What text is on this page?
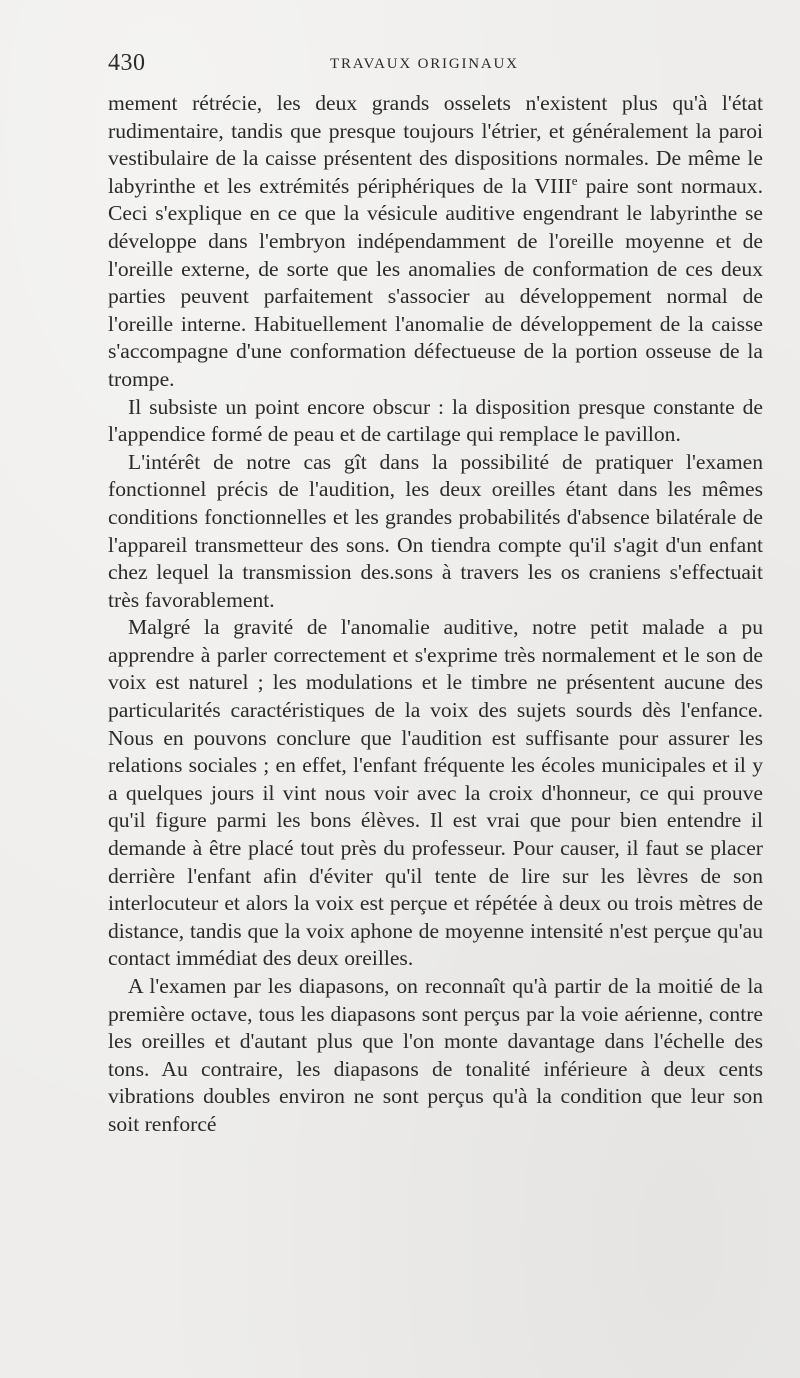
430	TRAVAUX ORIGINAUX

mement rétrécie, les deux grands osselets n'existent plus qu'à l'état rudimentaire, tandis que presque toujours l'étrier, et généralement la paroi vestibulaire de la caisse présentent des dispositions normales. De même le labyrinthe et les extrémités périphériques de la VIIIe paire sont normaux. Ceci s'explique en ce que la vésicule auditive engendrant le labyrinthe se développe dans l'embryon indépendamment de l'oreille moyenne et de l'oreille externe, de sorte que les anomalies de conformation de ces deux parties peuvent parfaitement s'associer au développement normal de l'oreille interne. Habituellement l'anomalie de développement de la caisse s'accompagne d'une conformation défectueuse de la portion osseuse de la trompe.

Il subsiste un point encore obscur : la disposition presque constante de l'appendice formé de peau et de cartilage qui remplace le pavillon.

L'intérêt de notre cas gît dans la possibilité de pratiquer l'examen fonctionnel précis de l'audition, les deux oreilles étant dans les mêmes conditions fonctionnelles et les grandes probabilités d'absence bilatérale de l'appareil transmetteur des sons. On tiendra compte qu'il s'agit d'un enfant chez lequel la transmission des.sons à travers les os craniens s'effectuait très favorablement.

Malgré la gravité de l'anomalie auditive, notre petit malade a pu apprendre à parler correctement et s'exprime très normalement et le son de voix est naturel ; les modulations et le timbre ne présentent aucune des particularités caractéristiques de la voix des sujets sourds dès l'enfance. Nous en pouvons conclure que l'audition est suffisante pour assurer les relations sociales ; en effet, l'enfant fréquente les écoles municipales et il y a quelques jours il vint nous voir avec la croix d'honneur, ce qui prouve qu'il figure parmi les bons élèves. Il est vrai que pour bien entendre il demande à être placé tout près du professeur. Pour causer, il faut se placer derrière l'enfant afin d'éviter qu'il tente de lire sur les lèvres de son interlocuteur et alors la voix est perçue et répétée à deux ou trois mètres de distance, tandis que la voix aphone de moyenne intensité n'est perçue qu'au contact immédiat des deux oreilles.

A l'examen par les diapasons, on reconnaît qu'à partir de la moitié de la première octave, tous les diapasons sont perçus par la voie aérienne, contre les oreilles et d'autant plus que l'on monte davantage dans l'échelle des tons. Au contraire, les diapasons de tonalité inférieure à deux cents vibrations doubles environ ne sont perçus qu'à la condition que leur son soit renforcé
